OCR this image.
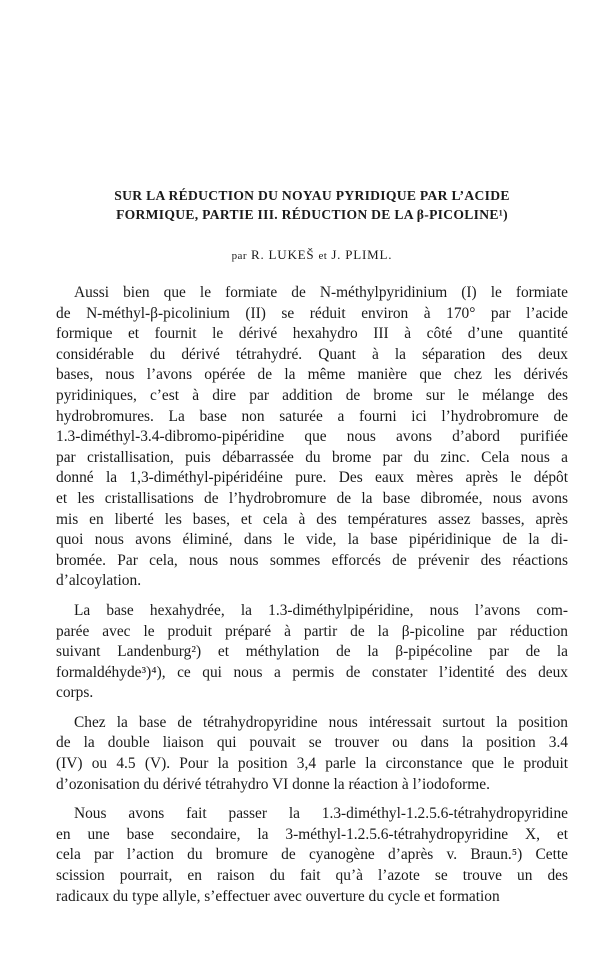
SUR LA RÉDUCTION DU NOYAU PYRIDIQUE PAR L’ACIDE
FORMIQUE, PARTIE III. RÉDUCTION DE LA β-PICOLINE¹)
par R. LUKEŠ et J. PLIML.
Aussi bien que le formiate de N-méthylpyridinium (I) le formiate
de N-méthyl-β-picolinium (II) se réduit environ à 170° par l’acide
formique et fournit le dérivé hexahydro III à côté d’une quantité
considérable du dérivé tétrahydré. Quant à la séparation des deux
bases, nous l’avons opérée de la même manière que chez les dérivés
pyridiniques, c’est à dire par addition de brome sur le mélange des
hydrobromures. La base non saturée a fourni ici l’hydrobromure de
1.3-diméthyl-3.4-dibromo-pipéridine que nous avons d’abord purifiée
par cristallisation, puis débarrassée du brome par du zinc. Cela nous a
donné la 1,3-diméthyl-pipéridéine pure. Des eaux mères après le dépôt
et les cristallisations de l’hydrobromure de la base dibromée, nous avons
mis en liberté les bases, et cela à des températures assez basses, après
quoi nous avons éliminé, dans le vide, la base pipéridinique de la di-
bromée. Par cela, nous nous sommes efforcés de prévenir des réactions
d’alcoylation.
La base hexahydrée, la 1.3-diméthylpipéridine, nous l’avons com-
parée avec le produit préparé à partir de la β-picoline par réduction
suivant Landenburg²) et méthylation de la β-pipécoline par de la
formaldéhyde³)⁴), ce qui nous a permis de constater l’identité des deux
corps.
Chez la base de tétrahydropyridine nous intéressait surtout la position
de la double liaison qui pouvait se trouver ou dans la position 3.4
(IV) ou 4.5 (V). Pour la position 3,4 parle la circonstance que le produit
d’ozonisation du dérivé tétrahydro VI donne la réaction à l’iodoforme.
Nous avons fait passer la 1.3-diméthyl-1.2.5.6-tétrahydropyridine
en une base secondaire, la 3-méthyl-1.2.5.6-tétrahydropyridine X, et
cela par l’action du bromure de cyanogène d’après v. Braun.⁵) Cette
scission pourrait, en raison du fait qu’à l’azote se trouve un des
radicaux du type allyle, s’effectuer avec ouverture du cycle et formation
